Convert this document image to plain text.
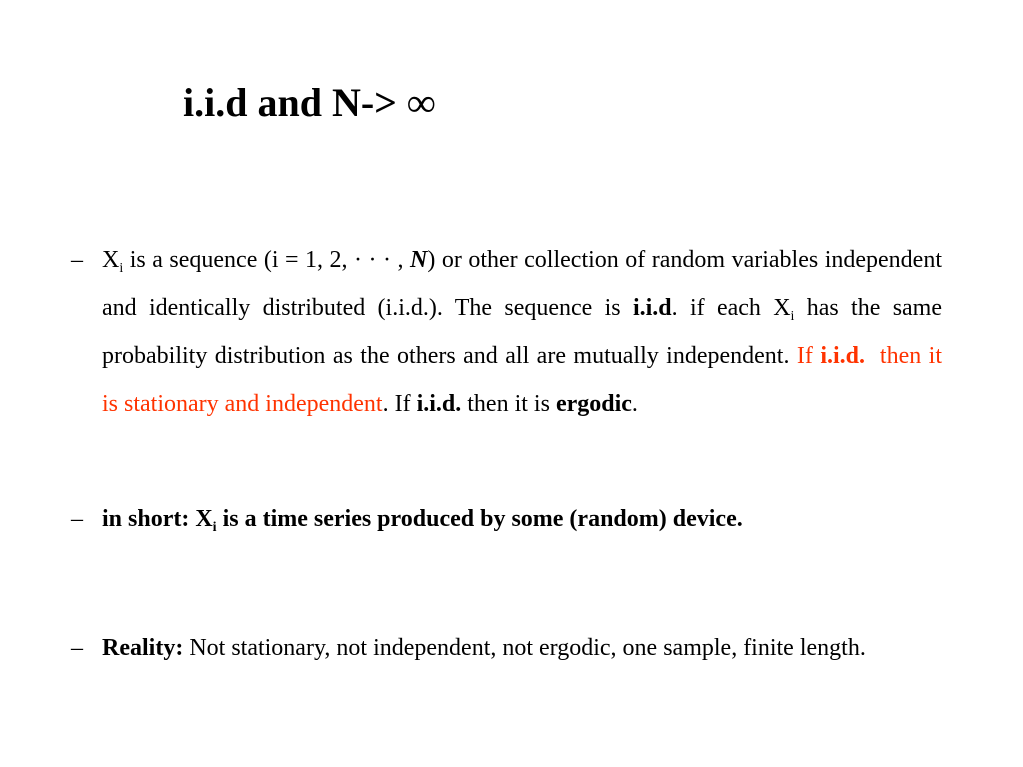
i.i.d and N-> ∞
– $X_i$ is a sequence (i = 1, 2, · · · , N) or other collection of random variables independent and identically distributed (i.i.d.). The sequence is i.i.d. if each $X_i$ has the same probability distribution as the others and all are mutually independent. If i.i.d.  then it is stationary and independent. If i.i.d. then it is ergodic.
– in short: $X_i$ is a time series produced by some (random) device.
– Reality: Not stationary, not independent, not ergodic, one sample, finite length.
